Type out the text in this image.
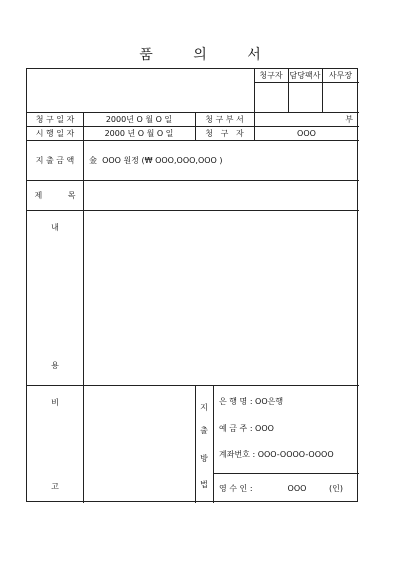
품 의 서
청구자 담당팩사	사무장
청 구 일 자	2000년 O 월 O 일	청 구 부 서	부
시 행 일 자	2000 년 O 월 O 일	청   구   자	OOO
지 출 금 액	金  OOO 원정 (₩ OOO,OOO,OOO )
제          목
내
용
비
고
지
출
방
법
은 행 명 : OO은행
예 금 주 : OOO
계좌번호 : OOO-OOOO-OOOO
영 수 인 :	OOO	(인)
